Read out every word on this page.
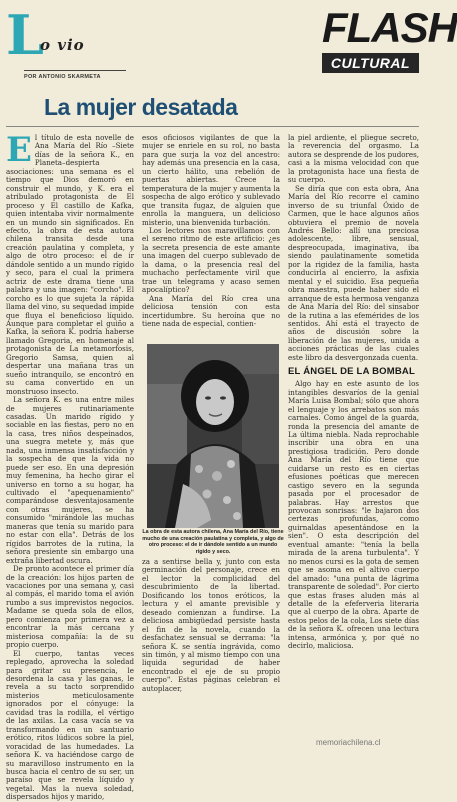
L
o vio
POR ANTONIO SKARMETA
FLASH
CULTURAL
La mujer desatada

El título de esta novelle de Ana María del Río –Siete días de la señora K., en Planeta–despierta asociaciones: una semana es el tiempo que Dios demoró en construir el mundo, y K. era el atribulado protagonista de El proceso y El castillo de Kafka, quien intentaba vivir normalmente en un mundo sin significados. En efecto, la obra de esta autora chilena transita desde una creación paulatina y completa, y algo de otro proceso: el de ir dándole sentido a un mundo rígido y seco, para el cual la primera actriz de este drama tiene una palabra y una imagen: "corcho". El corcho es lo que sujeta la rápida llama del vino, su sequedad impide que fluya el beneficioso líquido. Aunque para completar el guiño a Kafka, la señora K. podría haberse llamado Gregoria, en homenaje al protagonista de La metamorfosis, Gregorio Samsa, quien al despertar una mañana tras un sueño intranquilo, se encontró en su cama convertido en un monstruoso insecto.

La señora K. es una entre miles de mujeres rutinariamente casadas. Un marido rígido y sociable en las fiestas, pero no en la casa, tres niños despeinados, una suegra metete y, más que nada, una inmensa insatisfacción y la sospecha de que la vida no puede ser eso. En una depresión muy femenina, ha hecho girar el universo en torno a su hogar, ha cultivado el "apequenamiento" comparándose desventajosamente con otras mujeres, se ha consumido "mirándole las muchas maneras que tenía su marido para no estar con ella". Detrás de los rígidos barrotes de la rutina, la señora presiente sin embargo una extraña libertad oscura.

De pronto acontece el primer día de la creación: los hijos parten de vacaciones por una semana y, casi al compás, el marido toma el avión rumbo a sus imprevistos negocios. Madame se queda sola de ellos, pero comienza por primera vez a encontrar la más cercana y misteriosa compañía: la de su propio cuerpo.

El cuerpo, tantas veces replegado, aprovecha la soledad para gritar su presencia, le desordena la casa y las ganas, le revela a su tacto sorprendido misterios meticulosamente ignorados por el cónyuge: la cavidad tras la rodilla, el vértigo de las axilas. La casa vacía se va transformando en un santuario erótico, ritos lúdicos sobre la piel, voracidad de las humedades. La señora K. va haciéndose cargo de su maravilloso instrumento en la busca hacia el centro de su ser, un paraíso que se revela líquido y vegetal. Mas la nueva soledad, dispersados hijos y marido,

esos oficiosos vigilantes de que la mujer se enriele en su rol, no basta para que surja la voz del ancestro: hay además una presencia en la casa, un cierto hálito, una rebelión de puertas abiertas. Crece la temperatura de la mujer y aumenta la sospecha de algo erótico y sublevado que transita fugaz, de alguien que enrolla la manguera, un delicioso misterio, una bienvenida turbación.

Los lectores nos maravillamos con el sereno ritmo de este artificio: ¿es la secreta presencia de este amante una imagen del cuerpo sublevado de la dama, o la presencia real del muchacho perfectamente viril que trae un telegrama y acaso semen apocalíptico?

Ana María del Río crea una deliciosa tensión con esta incertidumbre. Su heroína que no tiene nada de especial, contien-

La obra de esta autora chilena, Ana María del Río, tiene mucho de una creación paulatina y completa, y algo de otro proceso: el de ir dándole sentido a un mundo rígido y seco.

za a sentirse bella y, junto con esta germinación del personaje, crece en el lector la complicidad del descubrimiento de la libertad. Dosificando los tonos eróticos, la lectura y el amante previsible y deseado comienzan a fundirse. La deliciosa ambigüedad persiste hasta el fin de la novela, cuando la desfachatez sensual se derrama: "la señora K. se sentía ingrávida, como sin timón, y al mismo tiempo con una liquida seguridad de haber encontrado el eje de su propio cuerpo". Estas páginas celebran el autoplacer,

la piel ardiente, el pliegue secreto, la reverencia del orgasmo. La autora se desprende de los pudores, casi a la misma velocidad con que la protagonista hace una fiesta de su cuerpo.

Se diría que con esta obra, Ana María del Río recorre el camino inverso de su triunfal Óxido de Carmen, que le hace algunos años obtuviera el premio de novela Andrés Bello: allí una preciosa adolescente, libre, sensual, despreocupada, imaginativa, iba siendo paulatinamente sometida por la rigidez de la familia, hasta conducirla al encierro, la asfixia mental y el suicidio. Esa pequeña obra maestra, puede haber sido el arranque de esta hermosa venganza de Ana María del Río: del sinsabor de la rutina a las efemérides de los sentidos. Ahí está el trayecto de años de discusión sobre la liberación de las mujeres, unida a acciones prácticas de las cuales este libro da desvergonzada cuenta.

EL ÁNGEL DE LA BOMBAL

Algo hay en este asunto de los intangibles desvaríos de la genial María Luisa Bombal; sólo que ahora el lenguaje y los arrebatos son más carnales. Como ángel de la guarda, ronda la presencia del amante de La última niebla. Nada reprochable inscribir una obra en una prestigiosa tradición. Pero donde Ana María del Río tiene que cuidarse un resto es en ciertas efusiones poéticas que merecen castigo severo en la segunda pasada por el procesador de palabras. Hay arrestos que provocan sonrisas: "le bajaron dos certezas profundas, como guirnaldas apesentándose en la sien". O esta descripción del eventual amante: "tenía la bella mirada de la arena turbulenta". Y no menos cursi es la gota de semen que se asoma en el altivo cuerpo del amado: "una punta de lágrima transparente de soledad". Por cierto que estas frases aluden más al detalle de la efeferveria literaria que al cuerpo de la obra. Aparte de estos pelos de la cola, Los siete días de la señora K. ofrecen una lectura intensa, armónica y, por qué no decirlo, maliciosa.

memoriachilena.cl
